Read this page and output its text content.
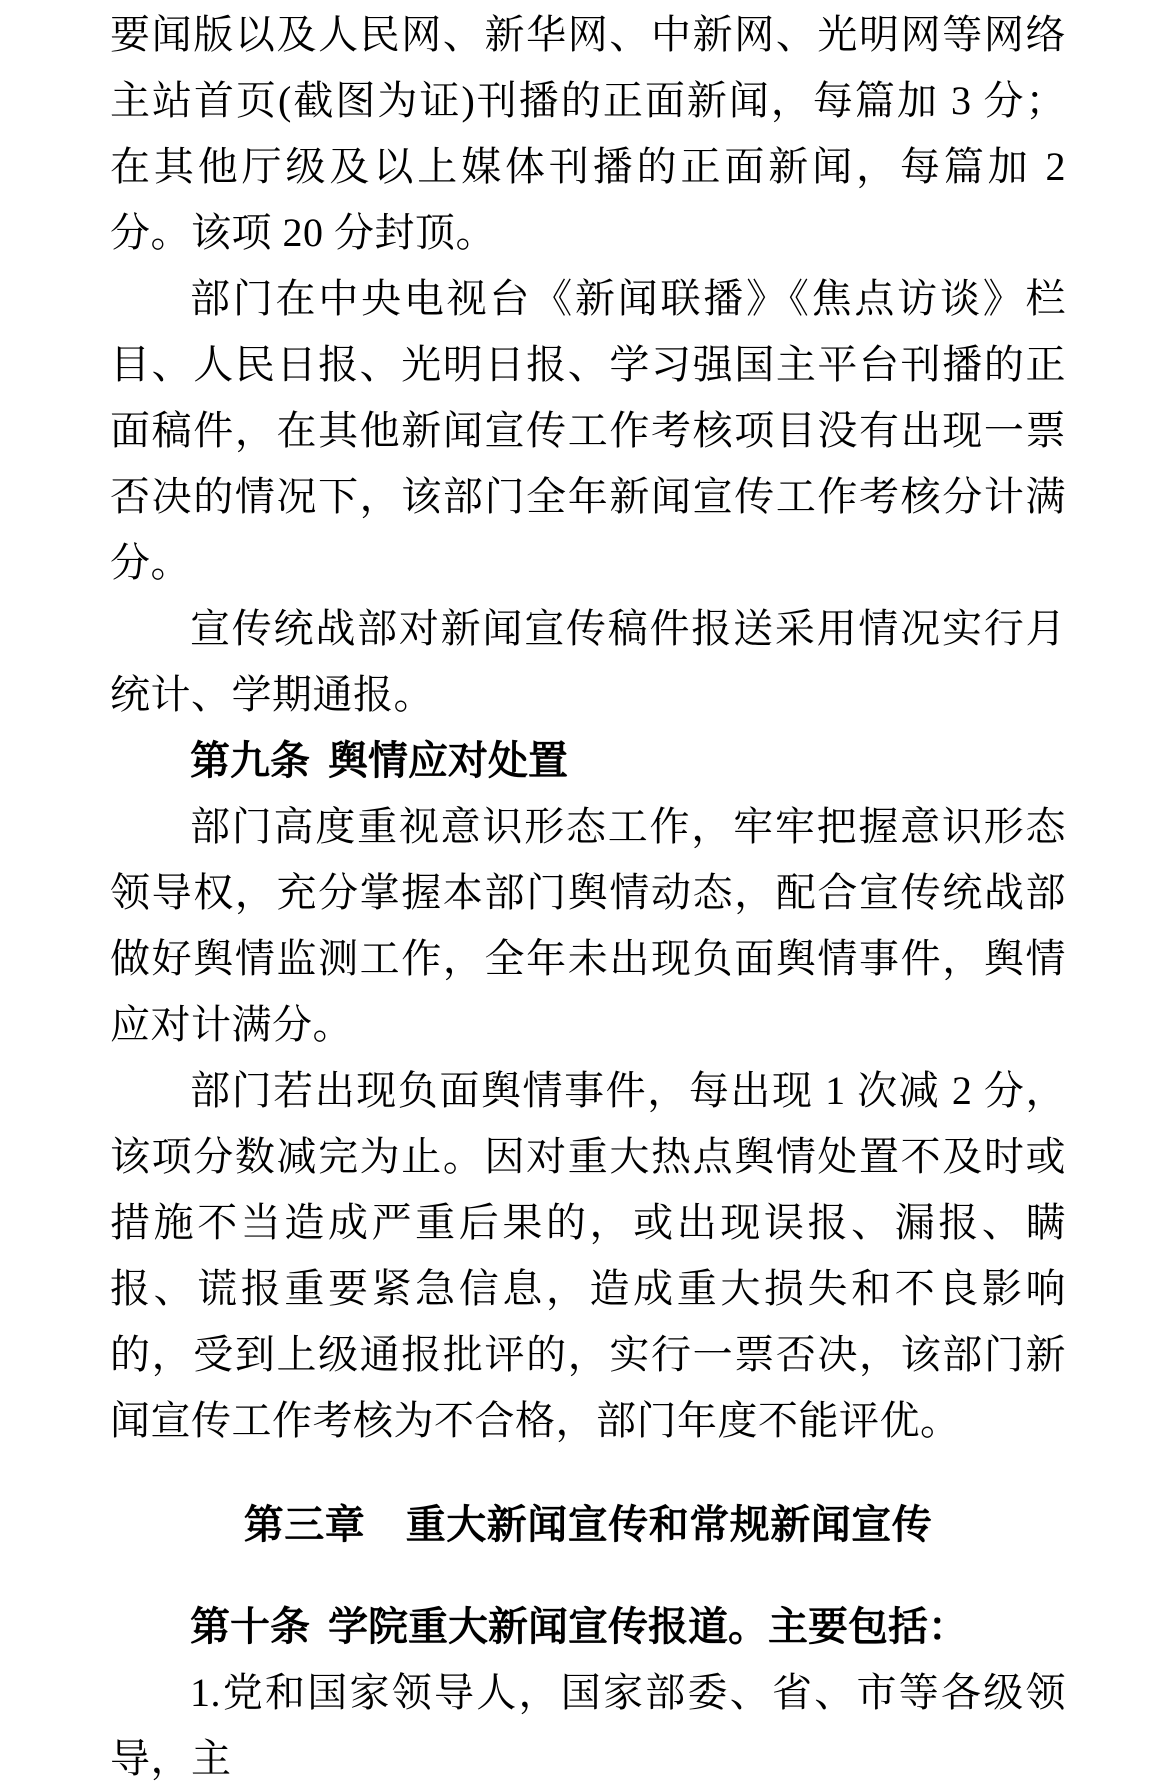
要闻版以及人民网、新华网、中新网、光明网等网络主站首页(截图为证)刊播的正面新闻，每篇加 3 分；在其他厅级及以上媒体刊播的正面新闻，每篇加 2 分。该项 20 分封顶。

部门在中央电视台《新闻联播》《焦点访谈》栏目、人民日报、光明日报、学习强国主平台刊播的正面稿件，在其他新闻宣传工作考核项目没有出现一票否决的情况下，该部门全年新闻宣传工作考核分计满分。

宣传统战部对新闻宣传稿件报送采用情况实行月统计、学期通报。

第九条 舆情应对处置

部门高度重视意识形态工作，牢牢把握意识形态领导权，充分掌握本部门舆情动态，配合宣传统战部做好舆情监测工作，全年未出现负面舆情事件，舆情应对计满分。

部门若出现负面舆情事件，每出现 1 次减 2 分，该项分数减完为止。因对重大热点舆情处置不及时或措施不当造成严重后果的，或出现误报、漏报、瞒报、谎报重要紧急信息，造成重大损失和不良影响的，受到上级通报批评的，实行一票否决，该部门新闻宣传工作考核为不合格，部门年度不能评优。

第三章　重大新闻宣传和常规新闻宣传

第十条 学院重大新闻宣传报道。主要包括：

1.党和国家领导人，国家部委、省、市等各级领导，主
